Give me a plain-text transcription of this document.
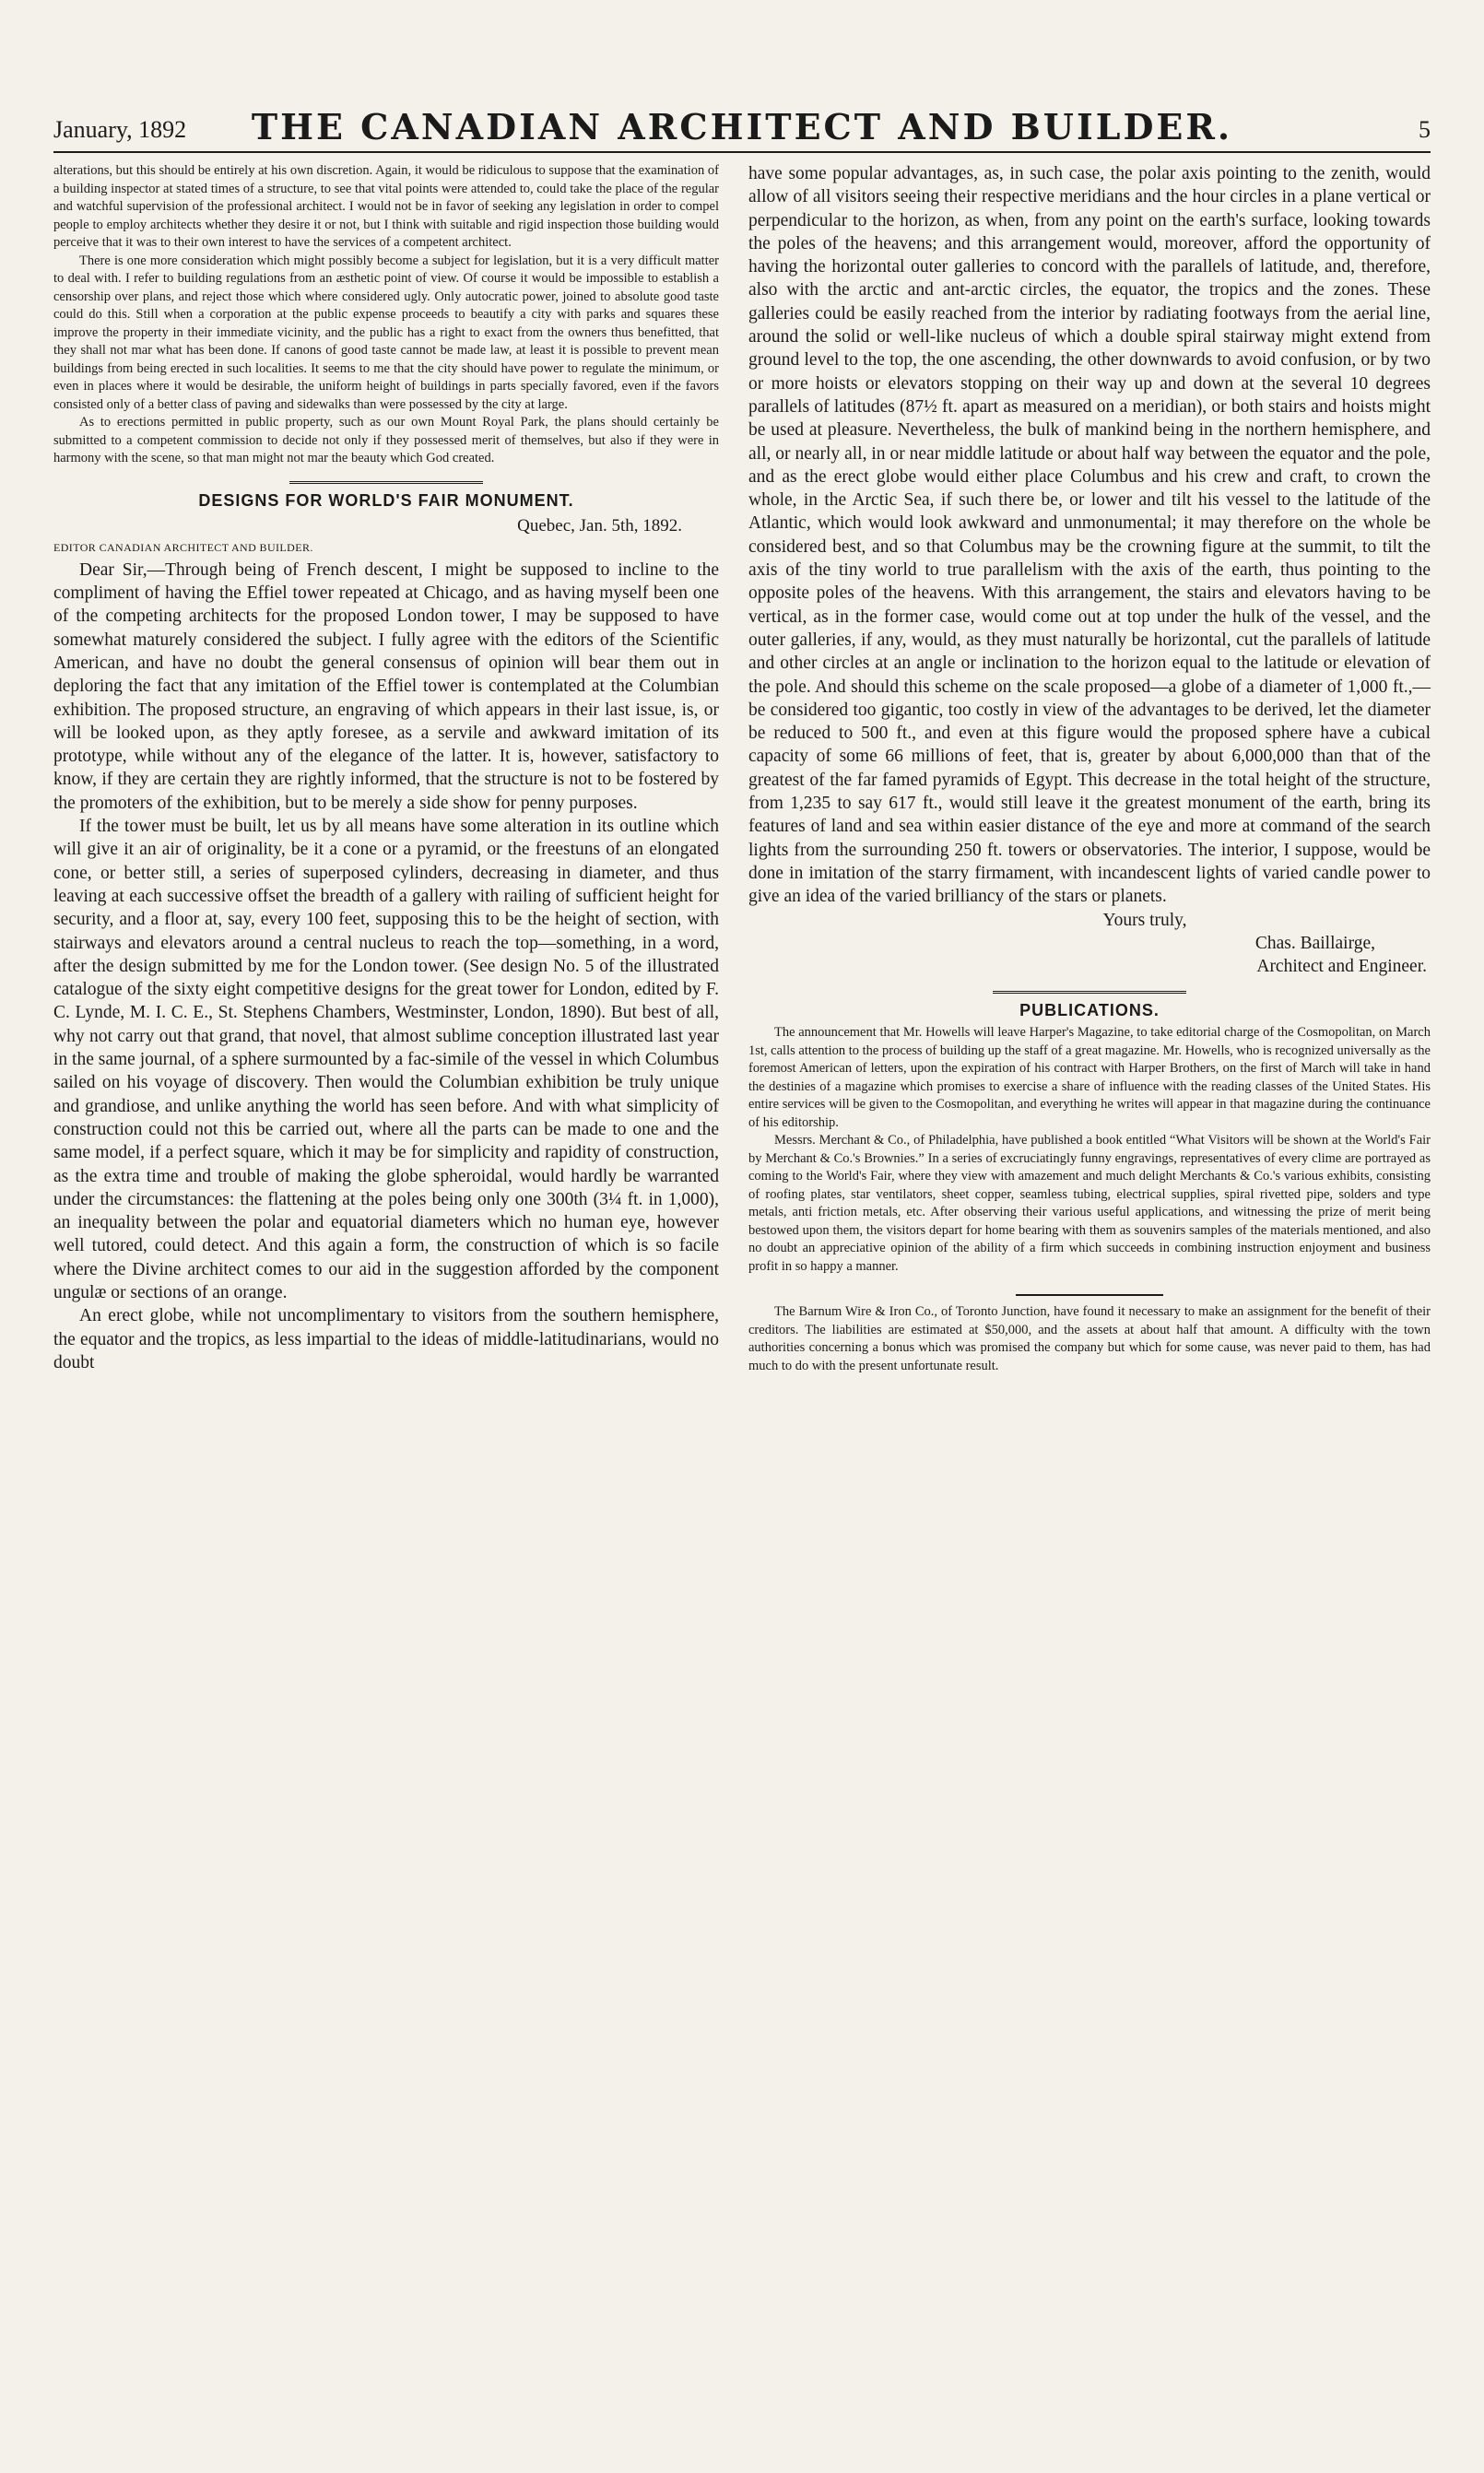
January, 1892	THE CANADIAN ARCHITECT AND BUILDER.	5

alterations, but this should be entirely at his own discretion. Again, it would be ridiculous to suppose that the examination of a building inspector at stated times of a structure, to see that vital points were attended to, could take the place of the regular and watchful supervision of the professional architect. I would not be in favor of seeking any legislation in order to compel people to employ architects whether they desire it or not, but I think with suitable and rigid inspection those building would perceive that it was to their own interest to have the services of a competent architect.

There is one more consideration which might possibly become a subject for legislation, but it is a very difficult matter to deal with. I refer to building regulations from an æsthetic point of view. Of course it would be impossible to establish a censorship over plans, and reject those which where considered ugly. Only autocratic power, joined to absolute good taste could do this. Still when a corporation at the public expense proceeds to beautify a city with parks and squares these improve the property in their immediate vicinity, and the public has a right to exact from the owners thus benefitted, that they shall not mar what has been done. If canons of good taste cannot be made law, at least it is possible to prevent mean buildings from being erected in such localities. It seems to me that the city should have power to regulate the minimum, or even in places where it would be desirable, the uniform height of buildings in parts specially favored, even if the favors consisted only of a better class of paving and sidewalks than were possessed by the city at large.

As to erections permitted in public property, such as our own Mount Royal Park, the plans should certainly be submitted to a competent commission to decide not only if they possessed merit of themselves, but also if they were in harmony with the scene, so that man might not mar the beauty which God created.

DESIGNS FOR WORLD'S FAIR MONUMENT.
Quebec, Jan. 5th, 1892.
EDITOR CANADIAN ARCHITECT AND BUILDER.

Dear Sir,—Through being of French descent, I might be supposed to incline to the compliment of having the Effiel tower repeated at Chicago, and as having myself been one of the competing architects for the proposed London tower, I may be supposed to have somewhat maturely considered the subject. I fully agree with the editors of the Scientific American, and have no doubt the general consensus of opinion will bear them out in deploring the fact that any imitation of the Effiel tower is contemplated at the Columbian exhibition. The proposed structure, an engraving of which appears in their last issue, is, or will be looked upon, as they aptly foresee, as a servile and awkward imitation of its prototype, while without any of the elegance of the latter. It is, however, satisfactory to know, if they are certain they are rightly informed, that the structure is not to be fostered by the promoters of the exhibition, but to be merely a side show for penny purposes.

If the tower must be built, let us by all means have some alteration in its outline which will give it an air of originality, be it a cone or a pyramid, or the freestuns of an elongated cone, or better still, a series of superposed cylinders, decreasing in diameter, and thus leaving at each successive offset the breadth of a gallery with railing of sufficient height for security, and a floor at, say, every 100 feet, supposing this to be the height of section, with stairways and elevators around a central nucleus to reach the top—something, in a word, after the design submitted by me for the London tower. (See design No. 5 of the illustrated catalogue of the sixty eight competitive designs for the great tower for London, edited by F. C. Lynde, M. I. C. E., St. Stephens Chambers, Westminster, London, 1890). But best of all, why not carry out that grand, that novel, that almost sublime conception illustrated last year in the same journal, of a sphere surmounted by a fac-simile of the vessel in which Columbus sailed on his voyage of discovery. Then would the Columbian exhibition be truly unique and grandiose, and unlike anything the world has seen before. And with what simplicity of construction could not this be carried out, where all the parts can be made to one and the same model, if a perfect square, which it may be for simplicity and rapidity of construction, as the extra time and trouble of making the globe spheroidal, would hardly be warranted under the circumstances: the flattening at the poles being only one 300th (3¼ ft. in 1,000), an inequality between the polar and equatorial diameters which no human eye, however well tutored, could detect. And this again a form, the construction of which is so facile where the Divine architect comes to our aid in the suggestion afforded by the component ungulæ or sections of an orange.

An erect globe, while not uncomplimentary to visitors from the southern hemisphere, the equator and the tropics, as less impartial to the ideas of middle-latitudinarians, would no doubt

have some popular advantages, as, in such case, the polar axis pointing to the zenith, would allow of all visitors seeing their respective meridians and the hour circles in a plane vertical or perpendicular to the horizon, as when, from any point on the earth's surface, looking towards the poles of the heavens; and this arrangement would, moreover, afford the opportunity of having the horizontal outer galleries to concord with the parallels of latitude, and, therefore, also with the arctic and ant-arctic circles, the equator, the tropics and the zones. These galleries could be easily reached from the interior by radiating footways from the aerial line, around the solid or well-like nucleus of which a double spiral stairway might extend from ground level to the top, the one ascending, the other downwards to avoid confusion, or by two or more hoists or elevators stopping on their way up and down at the several 10 degrees parallels of latitudes (87½ ft. apart as measured on a meridian), or both stairs and hoists might be used at pleasure. Nevertheless, the bulk of mankind being in the northern hemisphere, and all, or nearly all, in or near middle latitude or about half way between the equator and the pole, and as the erect globe would either place Columbus and his crew and craft, to crown the whole, in the Arctic Sea, if such there be, or lower and tilt his vessel to the latitude of the Atlantic, which would look awkward and unmonumental; it may therefore on the whole be considered best, and so that Columbus may be the crowning figure at the summit, to tilt the axis of the tiny world to true parallelism with the axis of the earth, thus pointing to the opposite poles of the heavens. With this arrangement, the stairs and elevators having to be vertical, as in the former case, would come out at top under the hulk of the vessel, and the outer galleries, if any, would, as they must naturally be horizontal, cut the parallels of latitude and other circles at an angle or inclination to the horizon equal to the latitude or elevation of the pole. And should this scheme on the scale proposed—a globe of a diameter of 1,000 ft.,—be considered too gigantic, too costly in view of the advantages to be derived, let the diameter be reduced to 500 ft., and even at this figure would the proposed sphere have a cubical capacity of some 66 millions of feet, that is, greater by about 6,000,000 than that of the greatest of the far famed pyramids of Egypt. This decrease in the total height of the structure, from 1,235 to say 617 ft., would still leave it the greatest monument of the earth, bring its features of land and sea within easier distance of the eye and more at command of the search lights from the surrounding 250 ft. towers or observatories. The interior, I suppose, would be done in imitation of the starry firmament, with incandescent lights of varied candle power to give an idea of the varied brilliancy of the stars or planets.

Yours truly,
Chas. Baillairge,
Architect and Engineer.
PUBLICATIONS.

The announcement that Mr. Howells will leave Harper's Magazine, to take editorial charge of the Cosmopolitan, on March 1st, calls attention to the process of building up the staff of a great magazine. Mr. Howells, who is recognized universally as the foremost American of letters, upon the expiration of his contract with Harper Brothers, on the first of March will take in hand the destinies of a magazine which promises to exercise a share of influence with the reading classes of the United States. His entire services will be given to the Cosmopolitan, and everything he writes will appear in that magazine during the continuance of his editorship.

Messrs. Merchant & Co., of Philadelphia, have published a book entitled “What Visitors will be shown at the World's Fair by Merchant & Co.'s Brownies.” In a series of excruciatingly funny engravings, representatives of every clime are portrayed as coming to the World's Fair, where they view with amazement and much delight Merchants & Co.'s various exhibits, consisting of roofing plates, star ventilators, sheet copper, seamless tubing, electrical supplies, spiral rivetted pipe, solders and type metals, anti friction metals, etc. After observing their various useful applications, and witnessing the prize of merit being bestowed upon them, the visitors depart for home bearing with them as souvenirs samples of the materials mentioned, and also no doubt an appreciative opinion of the ability of a firm which succeeds in combining instruction enjoyment and business profit in so happy a manner.

The Barnum Wire & Iron Co., of Toronto Junction, have found it necessary to make an assignment for the benefit of their creditors. The liabilities are estimated at $50,000, and the assets at about half that amount. A difficulty with the town authorities concerning a bonus which was promised the company but which for some cause, was never paid to them, has had much to do with the present unfortunate result.
